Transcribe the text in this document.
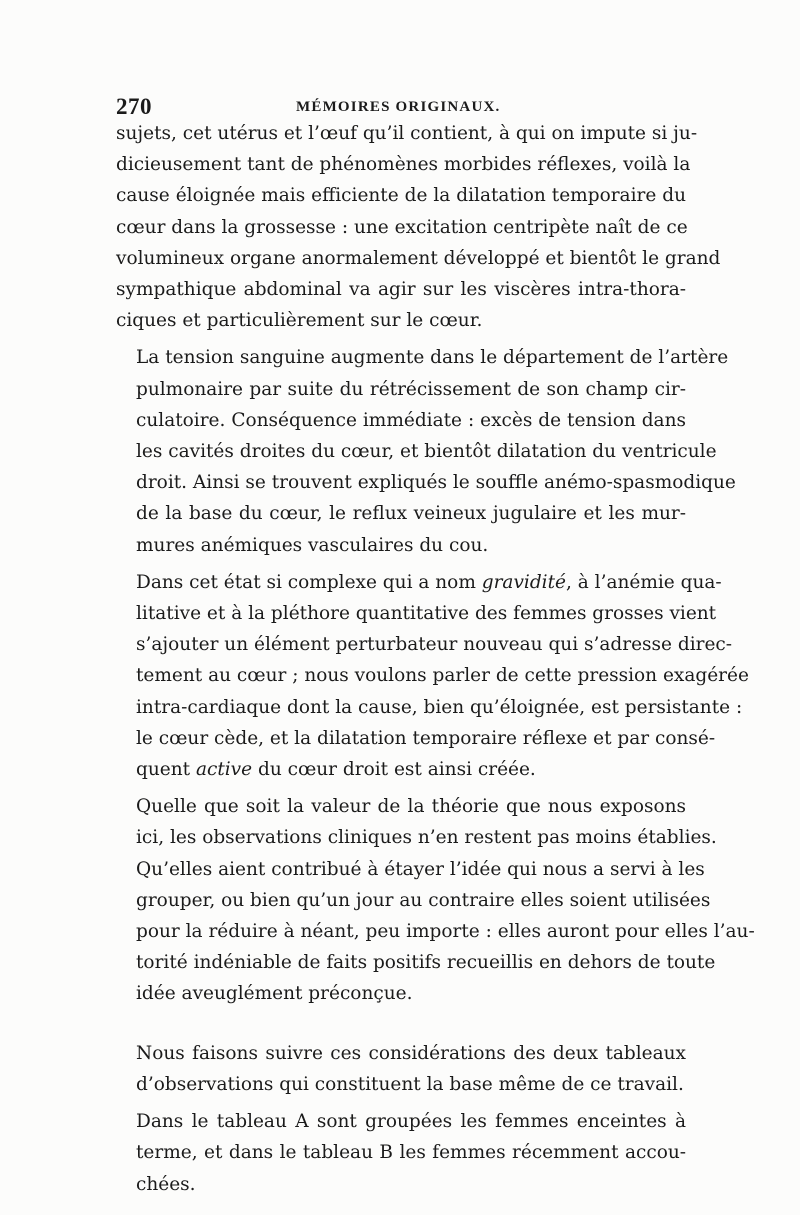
270	MÉMOIRES ORIGINAUX.

sujets, cet utérus et l’œuf qu’il contient, à qui on impute si ju-
dicieusement tant de phénomènes morbides réflexes, voilà la
cause éloignée mais efficiente de la dilatation temporaire du
cœur dans la grossesse : une excitation centripète naît de ce
volumineux organe anormalement développé et bientôt le grand
sympathique abdominal va agir sur les viscères intra-thora-
ciques et particulièrement sur le cœur.

La tension sanguine augmente dans le département de l’artère
pulmonaire par suite du rétrécissement de son champ cir-
culatoire. Conséquence immédiate : excès de tension dans
les cavités droites du cœur, et bientôt dilatation du ventricule
droit. Ainsi se trouvent expliqués le souffle anémo-spasmodique
de la base du cœur, le reflux veineux jugulaire et les mur-
mures anémiques vasculaires du cou.

Dans cet état si complexe qui a nom gravidité, à l’anémie qua-
litative et à la pléthore quantitative des femmes grosses vient
s’ajouter un élément perturbateur nouveau qui s’adresse direc-
tement au cœur ; nous voulons parler de cette pression exagérée
intra-cardiaque dont la cause, bien qu’éloignée, est persistante :
le cœur cède, et la dilatation temporaire réflexe et par consé-
quent active du cœur droit est ainsi créée.

Quelle que soit la valeur de la théorie que nous exposons
ici, les observations cliniques n’en restent pas moins établies.
Qu’elles aient contribué à étayer l’idée qui nous a servi à les
grouper, ou bien qu’un jour au contraire elles soient utilisées
pour la réduire à néant, peu importe : elles auront pour elles l’au-
torité indéniable de faits positifs recueillis en dehors de toute
idée aveuglément préconçue.

Nous faisons suivre ces considérations des deux tableaux
d’observations qui constituent la base même de ce travail.

Dans le tableau A sont groupées les femmes enceintes à
terme, et dans le tableau B les femmes récemment accou-
chées.
